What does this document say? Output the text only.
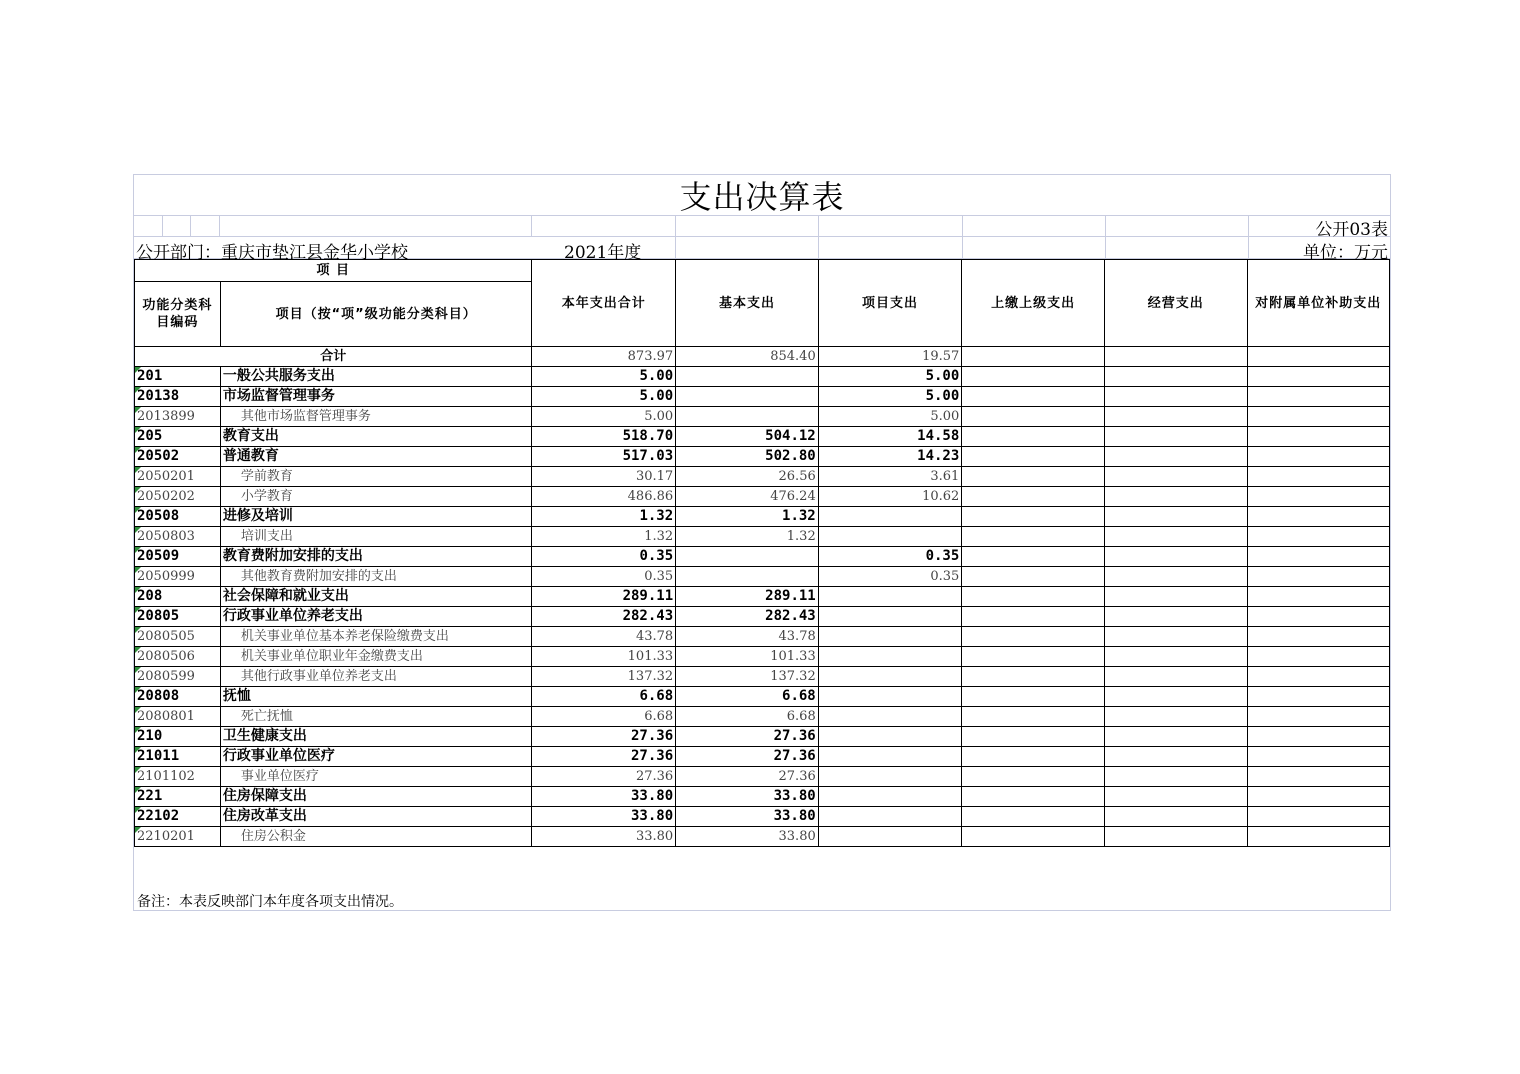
支出决算表
公开03表
公开部门：重庆市垫江县金华小学校	2021年度	单位：万元
项 目		本年支出合计	基本支出	项目支出	上缴上级支出	经营支出	对附属单位补助支出
功能分类科目编码	项目（按“项”级功能分类科目）						
合计		873.97	854.40	19.57			
201	一般公共服务支出	5.00		5.00			
20138	市场监督管理事务	5.00		5.00			
2013899	其他市场监督管理事务	5.00		5.00			
205	教育支出	518.70	504.12	14.58			
20502	普通教育	517.03	502.80	14.23			
2050201	学前教育	30.17	26.56	3.61			
2050202	小学教育	486.86	476.24	10.62			
20508	进修及培训	1.32	1.32				
2050803	培训支出	1.32	1.32				
20509	教育费附加安排的支出	0.35		0.35			
2050999	其他教育费附加安排的支出	0.35		0.35			
208	社会保障和就业支出	289.11	289.11				
20805	行政事业单位养老支出	282.43	282.43				
2080505	机关事业单位基本养老保险缴费支出	43.78	43.78				
2080506	机关事业单位职业年金缴费支出	101.33	101.33				
2080599	其他行政事业单位养老支出	137.32	137.32				
20808	抚恤	6.68	6.68				
2080801	死亡抚恤	6.68	6.68				
210	卫生健康支出	27.36	27.36				
21011	行政事业单位医疗	27.36	27.36				
2101102	事业单位医疗	27.36	27.36				
221	住房保障支出	33.80	33.80				
22102	住房改革支出	33.80	33.80				
2210201	住房公积金	33.80	33.80				
备注：本表反映部门本年度各项支出情况。
